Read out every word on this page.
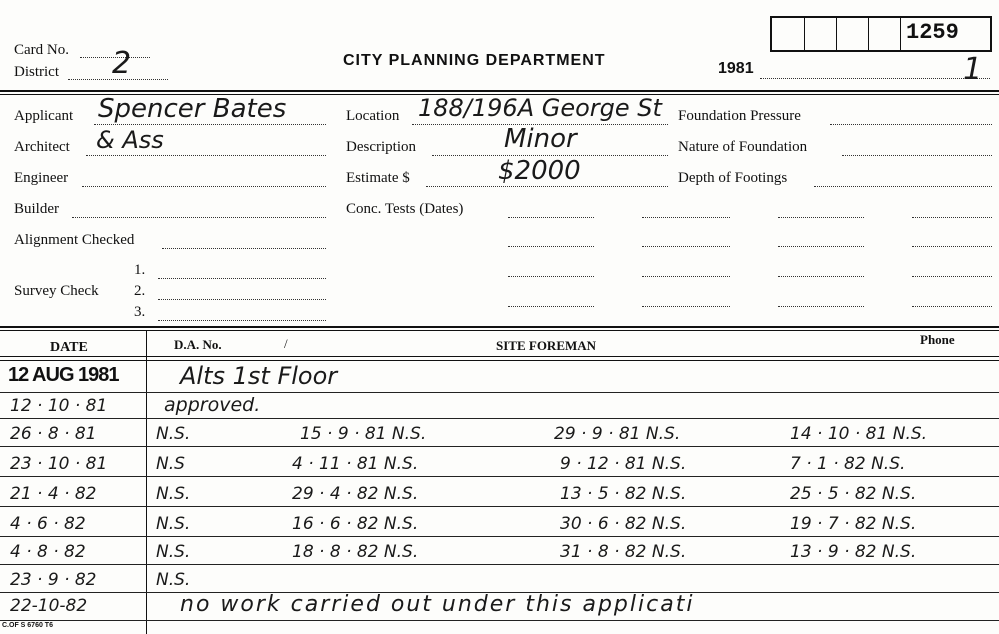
1259
Card No.
District 2	CITY PLANNING DEPARTMENT	1981	1
Applicant Spencer Bates
Architect & Ass
Engineer
Builder
Alignment Checked
Survey Check
1.
2.
3.
Location 188/196A George St
Description	Minor
Estimate $	$2000
Conc. Tests (Dates)
Foundation Pressure
Nature of Foundation
Depth of Footings
DATE	D.A. No.	/	SITE FOREMAN	Phone
12 AUG 1981	Alts 1st Floor
12 · 10 · 81	approved.
26 · 8 · 81	N.S.	15 · 9 · 81 N.S.	29 · 9 · 81 N.S.	14 · 10 · 81 N.S.
23 · 10 · 81	N.S	4 · 11 · 81 N.S.	9 · 12 · 81 N.S.	7 · 1 · 82 N.S.
21 · 4 · 82	N.S.	29 · 4 · 82 N.S.	13 · 5 · 82 N.S.	25 · 5 · 82 N.S.
4 · 6 · 82	N.S.	16 · 6 · 82 N.S.	30 · 6 · 82 N.S.	19 · 7 · 82 N.S.
4 · 8 · 82	N.S.	18 · 8 · 82 N.S.	31 · 8 · 82 N.S.	13 · 9 · 82 N.S.
23 · 9 · 82	N.S.
22-10-82	no work carried out under this applicati
C.OF S 6760 T6
